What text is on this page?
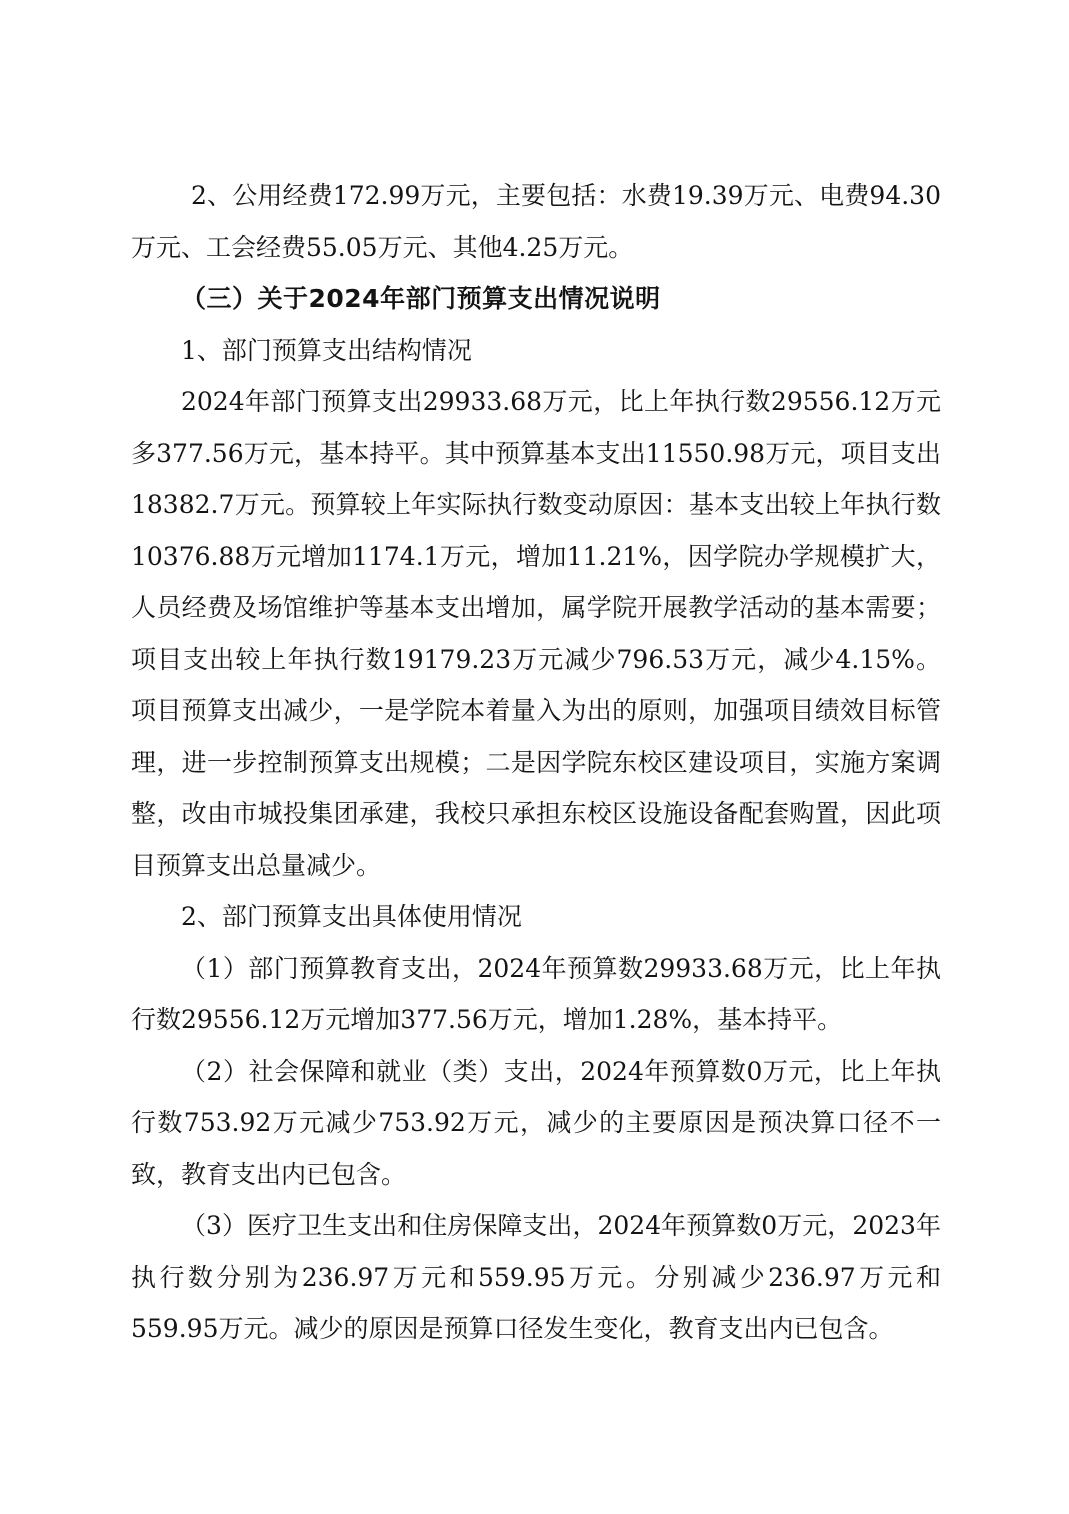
2、公用经费172.99万元，主要包括：水费19.39万元、电费94.30万元、工会经费55.05万元、其他4.25万元。

（三）关于2024年部门预算支出情况说明

1、部门预算支出结构情况

2024年部门预算支出29933.68万元，比上年执行数29556.12万元多377.56万元，基本持平。其中预算基本支出11550.98万元，项目支出18382.7万元。预算较上年实际执行数变动原因：基本支出较上年执行数10376.88万元增加1174.1万元，增加11.21%，因学院办学规模扩大，人员经费及场馆维护等基本支出增加，属学院开展教学活动的基本需要；项目支出较上年执行数19179.23万元减少796.53万元，减少4.15%。项目预算支出减少，一是学院本着量入为出的原则，加强项目绩效目标管理，进一步控制预算支出规模；二是因学院东校区建设项目，实施方案调整，改由市城投集团承建，我校只承担东校区设施设备配套购置，因此项目预算支出总量减少。

2、部门预算支出具体使用情况

（1）部门预算教育支出，2024年预算数29933.68万元，比上年执行数29556.12万元增加377.56万元，增加1.28%，基本持平。

（2）社会保障和就业（类）支出，2024年预算数0万元，比上年执行数753.92万元减少753.92万元，减少的主要原因是预决算口径不一致，教育支出内已包含。

（3）医疗卫生支出和住房保障支出，2024年预算数0万元，2023年执行数分别为236.97万元和559.95万元。分别减少236.97万元和559.95万元。减少的原因是预算口径发生变化，教育支出内已包含。
